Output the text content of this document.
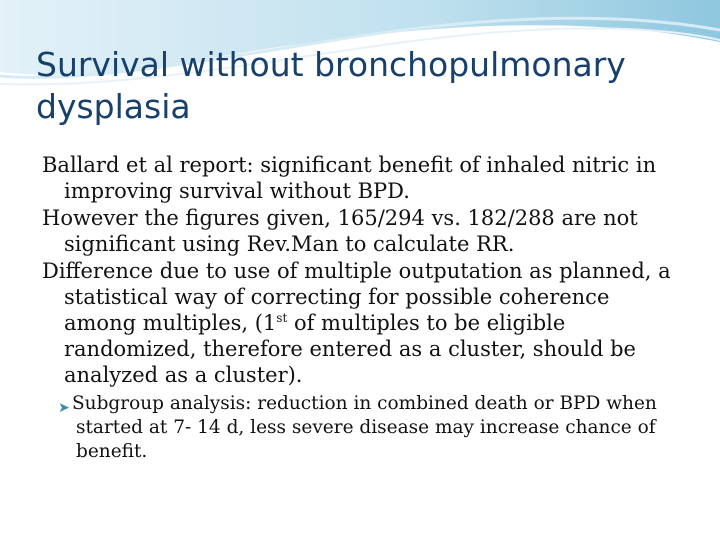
Survival without bronchopulmonary dysplasia

Ballard et al report: significant benefit of inhaled nitric in improving survival without BPD.

However the figures given, 165/294 vs. 182/288 are not significant using Rev.Man to calculate RR.

Difference due to use of multiple outputation as planned, a statistical way of correcting for possible coherence among multiples, (1st of multiples to be eligible randomized, therefore entered as a cluster, should be analyzed as a cluster).

➤ Subgroup analysis: reduction in combined death or BPD when started at 7- 14 d, less severe disease may increase chance of benefit.
